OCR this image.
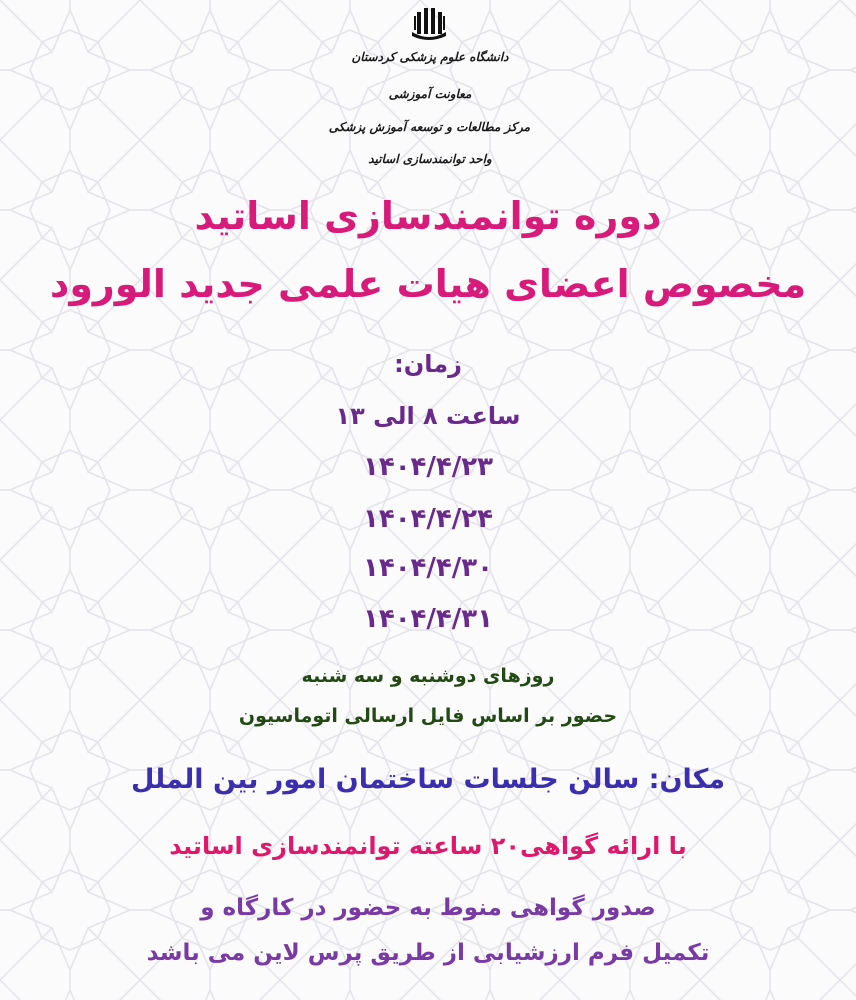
دانشگاه علوم پزشکی کردستان
معاونت آموزشی
مرکز مطالعات و توسعه آموزش پزشکی
واحد توانمندسازی اساتید
دوره توانمندسازی اساتید
مخصوص اعضای هیات علمی جدید الورود
زمان:
ساعت ۸ الی ۱۳
۱۴۰۴/۴/۲۳
۱۴۰۴/۴/۲۴
۱۴۰۴/۴/۳۰
۱۴۰۴/۴/۳۱
روزهای دوشنبه و سه شنبه
حضور بر اساس فایل ارسالی اتوماسیون
مکان: سالن جلسات ساختمان امور بین الملل
با ارائه گواهی۲۰ ساعته توانمندسازی اساتید
صدور گواهی منوط به حضور در کارگاه و
تکمیل فرم ارزشیابی از طریق پرس لاین می باشد
